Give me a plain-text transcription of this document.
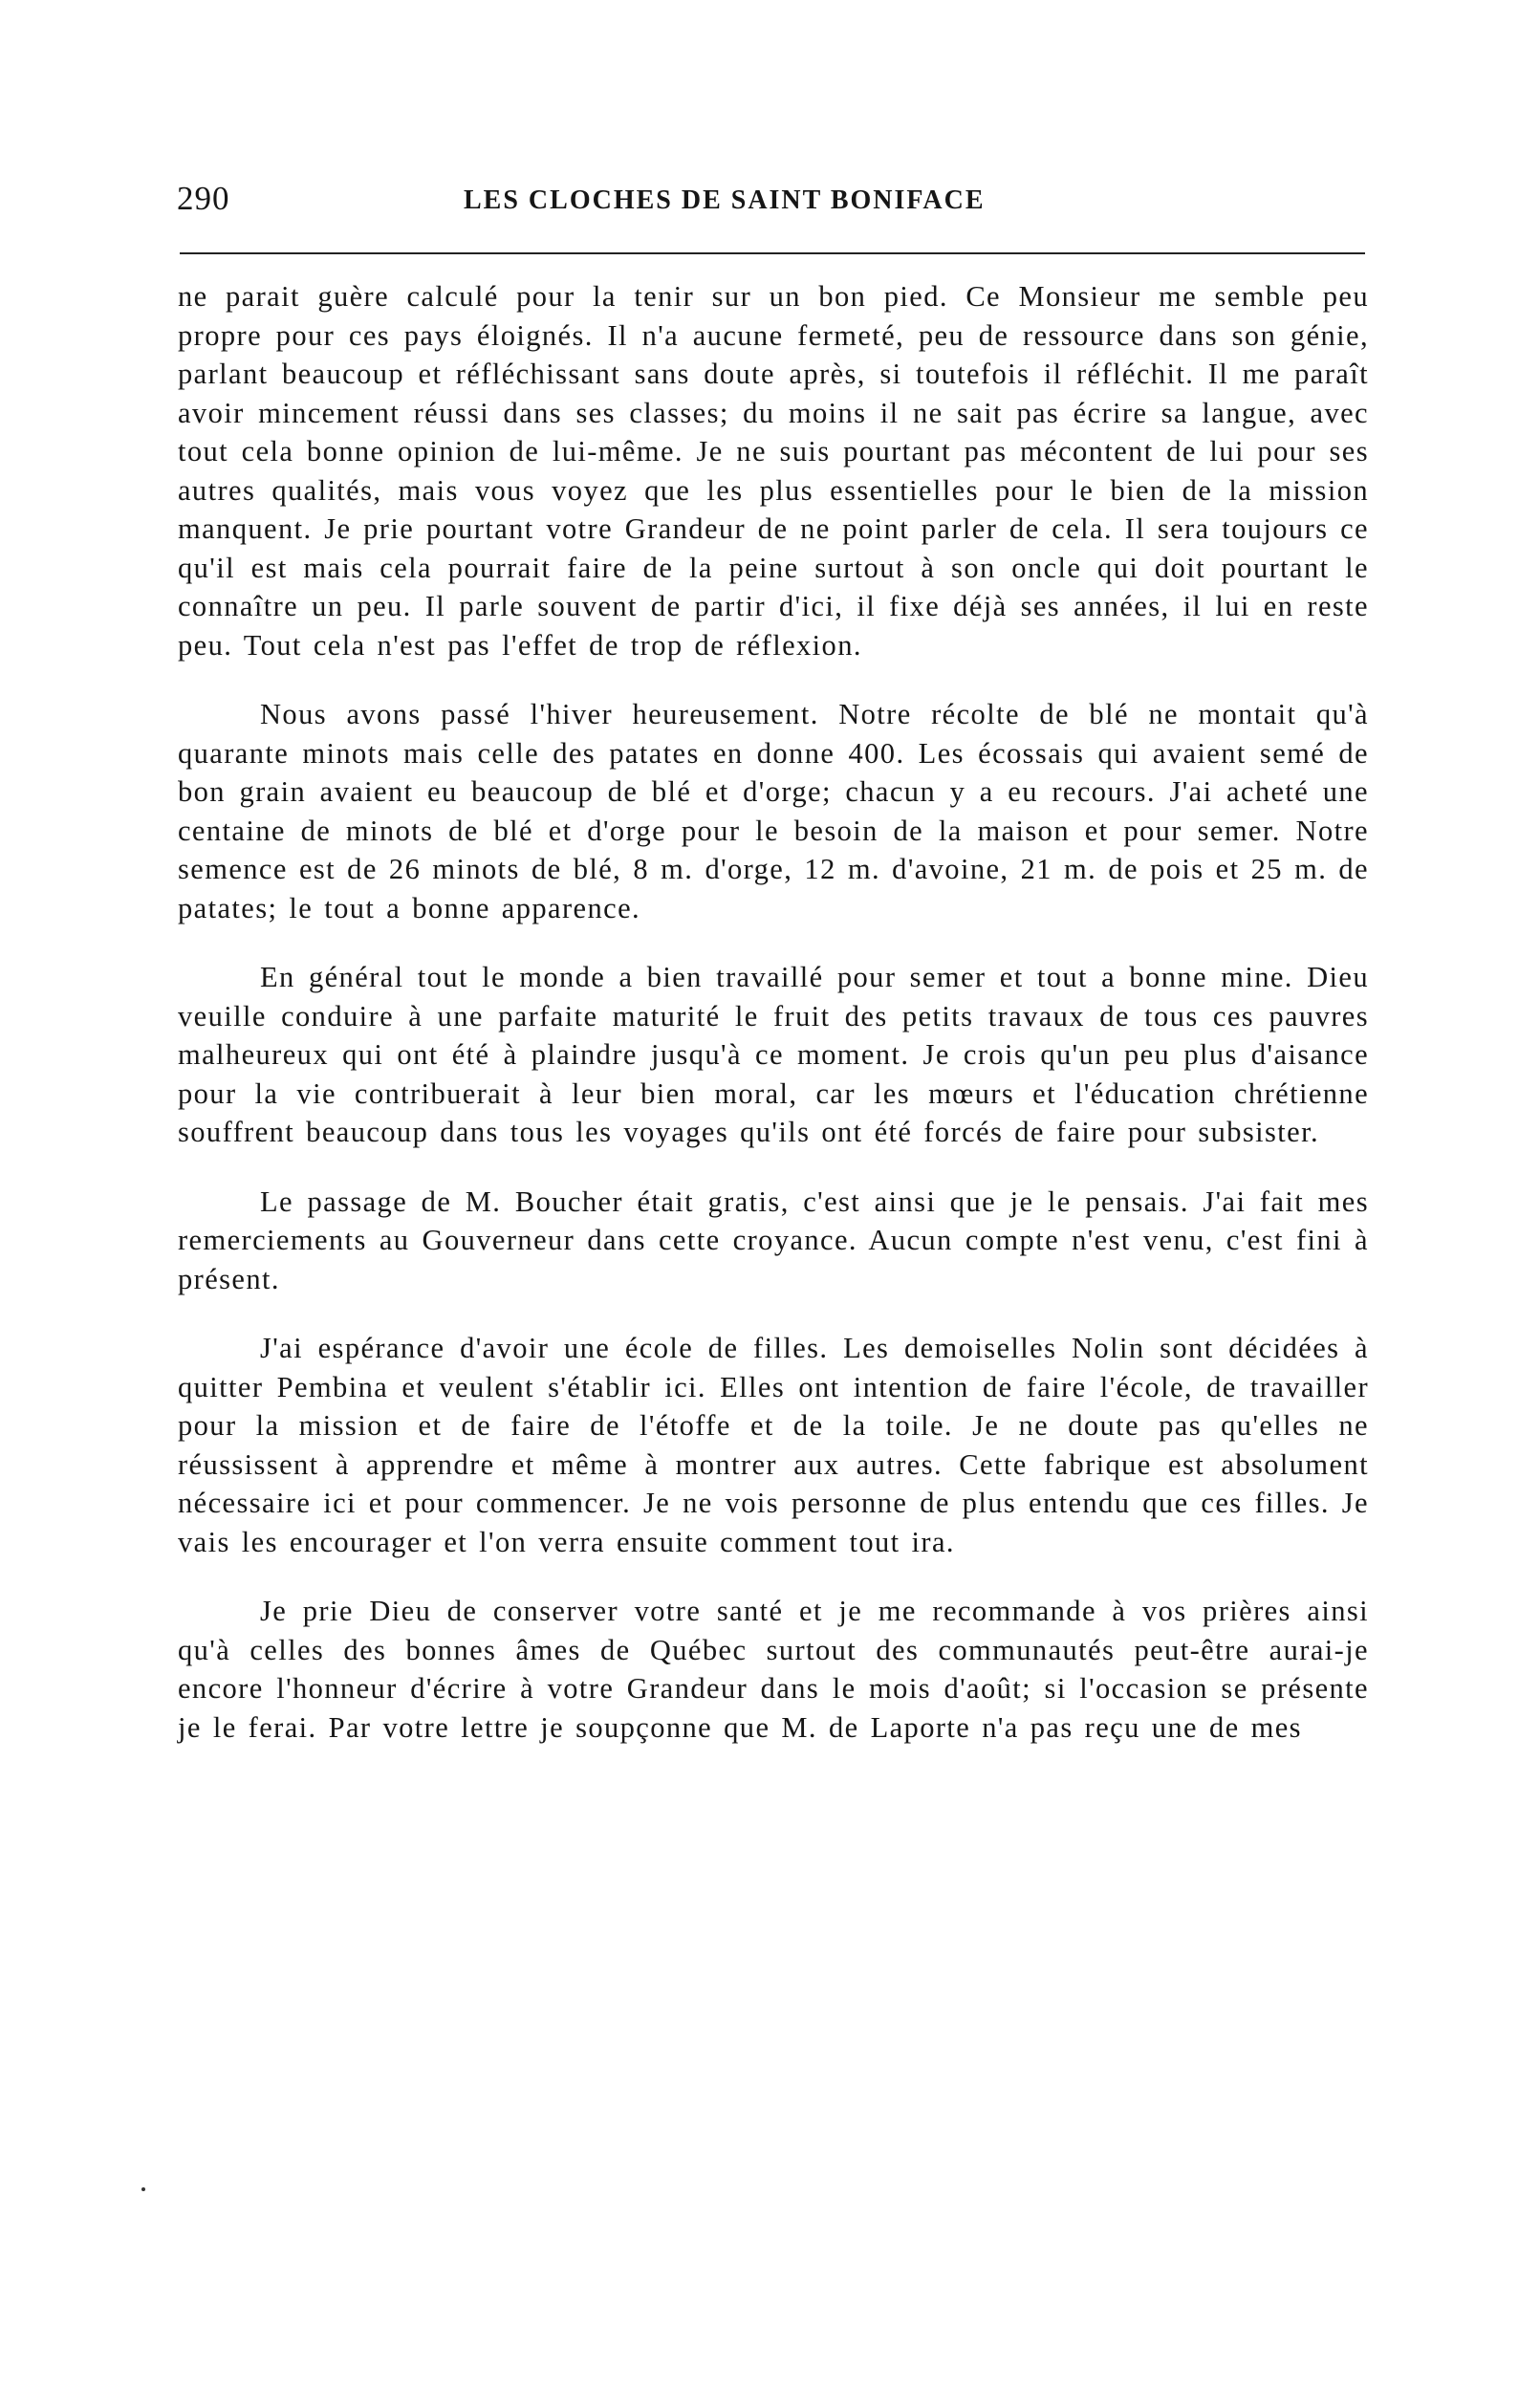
290	LES CLOCHES DE SAINT BONIFACE

ne parait guère calculé pour la tenir sur un bon pied. Ce Monsieur me semble peu propre pour ces pays éloignés. Il n'a aucune fermeté, peu de ressource dans son génie, parlant beaucoup et réfléchissant sans doute après, si toutefois il réfléchit. Il me paraît avoir mincement réussi dans ses classes; du moins il ne sait pas écrire sa langue, avec tout cela bonne opinion de lui-même. Je ne suis pourtant pas mécontent de lui pour ses autres qualités, mais vous voyez que les plus essentielles pour le bien de la mission manquent. Je prie pourtant votre Grandeur de ne point parler de cela. Il sera toujours ce qu'il est mais cela pourrait faire de la peine surtout à son oncle qui doit pourtant le connaître un peu. Il parle souvent de partir d'ici, il fixe déjà ses années, il lui en reste peu. Tout cela n'est pas l'effet de trop de réflexion.

Nous avons passé l'hiver heureusement. Notre récolte de blé ne montait qu'à quarante minots mais celle des patates en donne 400. Les écossais qui avaient semé de bon grain avaient eu beaucoup de blé et d'orge; chacun y a eu recours. J'ai acheté une centaine de minots de blé et d'orge pour le besoin de la maison et pour semer. Notre semence est de 26 minots de blé, 8 m. d'orge, 12 m. d'avoine, 21 m. de pois et 25 m. de patates; le tout a bonne apparence.

En général tout le monde a bien travaillé pour semer et tout a bonne mine. Dieu veuille conduire à une parfaite maturité le fruit des petits travaux de tous ces pauvres malheureux qui ont été à plaindre jusqu'à ce moment. Je crois qu'un peu plus d'aisance pour la vie contribuerait à leur bien moral, car les mœurs et l'éducation chrétienne souffrent beaucoup dans tous les voyages qu'ils ont été forcés de faire pour subsister.

Le passage de M. Boucher était gratis, c'est ainsi que je le pensais. J'ai fait mes remerciements au Gouverneur dans cette croyance. Aucun compte n'est venu, c'est fini à présent.

J'ai espérance d'avoir une école de filles. Les demoiselles Nolin sont décidées à quitter Pembina et veulent s'établir ici. Elles ont intention de faire l'école, de travailler pour la mission et de faire de l'étoffe et de la toile. Je ne doute pas qu'elles ne réussissent à apprendre et même à montrer aux autres. Cette fabrique est absolument nécessaire ici et pour commencer. Je ne vois personne de plus entendu que ces filles. Je vais les encourager et l'on verra ensuite comment tout ira.

Je prie Dieu de conserver votre santé et je me recommande à vos prières ainsi qu'à celles des bonnes âmes de Québec surtout des communautés peut-être aurai-je encore l'honneur d'écrire à votre Grandeur dans le mois d'août; si l'occasion se présente je le ferai. Par votre lettre je soupçonne que M. de Laporte n'a pas reçu une de mes
